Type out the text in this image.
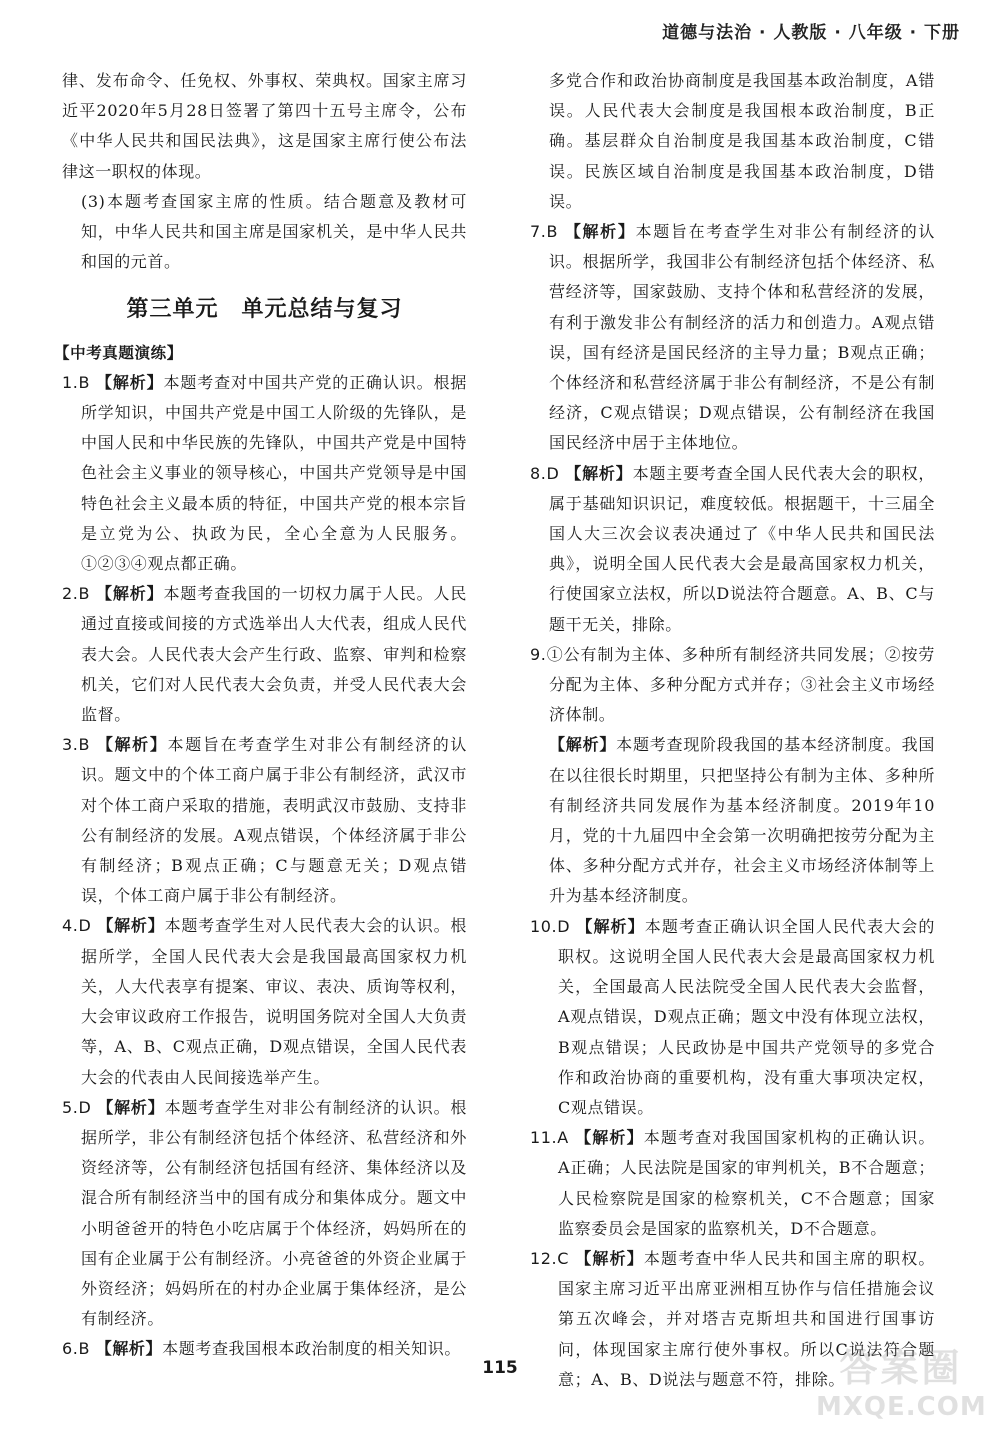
道德与法治 · 人教版 · 八年级 · 下册

律、发布命令、任免权、外事权、荣典权。国家主席习近平2020年5月28日签署了第四十五号主席令，公布《中华人民共和国民法典》，这是国家主席行使公布法律这一职权的体现。

(3)本题考查国家主席的性质。结合题意及教材可知，中华人民共和国主席是国家机关，是中华人民共和国的元首。

第三单元　单元总结与复习
【中考真题演练】

1.B 【解析】本题考查对中国共产党的正确认识。根据所学知识，中国共产党是中国工人阶级的先锋队，是中国人民和中华民族的先锋队，中国共产党是中国特色社会主义事业的领导核心，中国共产党领导是中国特色社会主义最本质的特征，中国共产党的根本宗旨是立党为公、执政为民，全心全意为人民服务。①②③④观点都正确。

2.B 【解析】本题考查我国的一切权力属于人民。人民通过直接或间接的方式选举出人大代表，组成人民代表大会。人民代表大会产生行政、监察、审判和检察机关，它们对人民代表大会负责，并受人民代表大会监督。

3.B 【解析】本题旨在考查学生对非公有制经济的认识。题文中的个体工商户属于非公有制经济，武汉市对个体工商户采取的措施，表明武汉市鼓励、支持非公有制经济的发展。A观点错误，个体经济属于非公有制经济；B观点正确；C与题意无关；D观点错误，个体工商户属于非公有制经济。

4.D 【解析】本题考查学生对人民代表大会的认识。根据所学，全国人民代表大会是我国最高国家权力机关，人大代表享有提案、审议、表决、质询等权利，大会审议政府工作报告，说明国务院对全国人大负责等，A、B、C观点正确，D观点错误，全国人民代表大会的代表由人民间接选举产生。

5.D 【解析】本题考查学生对非公有制经济的认识。根据所学，非公有制经济包括个体经济、私营经济和外资经济等，公有制经济包括国有经济、集体经济以及混合所有制经济当中的国有成分和集体成分。题文中小明爸爸开的特色小吃店属于个体经济，妈妈所在的国有企业属于公有制经济。小亮爸爸的外资企业属于外资经济；妈妈所在的村办企业属于集体经济，是公有制经济。

6.B 【解析】本题考查我国根本政治制度的相关知识。

多党合作和政治协商制度是我国基本政治制度，A错误。人民代表大会制度是我国根本政治制度，B正确。基层群众自治制度是我国基本政治制度，C错误。民族区域自治制度是我国基本政治制度，D错误。

7.B 【解析】本题旨在考查学生对非公有制经济的认识。根据所学，我国非公有制经济包括个体经济、私营经济等，国家鼓励、支持个体和私营经济的发展，有利于激发非公有制经济的活力和创造力。A观点错误，国有经济是国民经济的主导力量；B观点正确；个体经济和私营经济属于非公有制经济，不是公有制经济，C观点错误；D观点错误，公有制经济在我国国民经济中居于主体地位。

8.D 【解析】本题主要考查全国人民代表大会的职权，属于基础知识识记，难度较低。根据题干，十三届全国人大三次会议表决通过了《中华人民共和国民法典》，说明全国人民代表大会是最高国家权力机关，行使国家立法权，所以D说法符合题意。A、B、C与题干无关，排除。

9.①公有制为主体、多种所有制经济共同发展；②按劳分配为主体、多种分配方式并存；③社会主义市场经济体制。

【解析】本题考查现阶段我国的基本经济制度。我国在以往很长时期里，只把坚持公有制为主体、多种所有制经济共同发展作为基本经济制度。2019年10月，党的十九届四中全会第一次明确把按劳分配为主体、多种分配方式并存，社会主义市场经济体制等上升为基本经济制度。

10.D 【解析】本题考查正确认识全国人民代表大会的职权。这说明全国人民代表大会是最高国家权力机关，全国最高人民法院受全国人民代表大会监督，A观点错误，D观点正确；题文中没有体现立法权，B观点错误；人民政协是中国共产党领导的多党合作和政治协商的重要机构，没有重大事项决定权，C观点错误。

11.A 【解析】本题考查对我国国家机构的正确认识。A正确；人民法院是国家的审判机关，B不合题意；人民检察院是国家的检察机关，C不合题意；国家监察委员会是国家的监察机关，D不合题意。

12.C 【解析】本题考查中华人民共和国主席的职权。国家主席习近平出席亚洲相互协作与信任措施会议第五次峰会，并对塔吉克斯坦共和国进行国事访问，体现国家主席行使外事权。所以C说法符合题意；A、B、D说法与题意不符，排除。

115	答案圈
MXQE.COM
